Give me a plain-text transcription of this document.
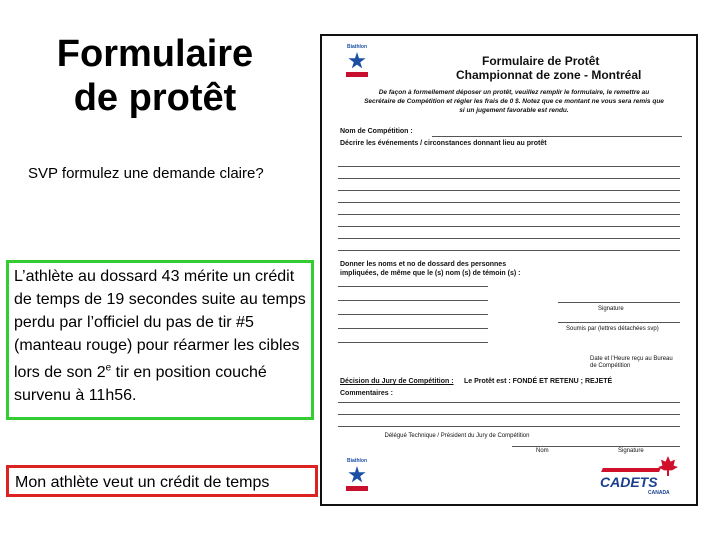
Formulaire
de protêt
SVP formulez une demande claire?
L’athlète au dossard 43 mérite un crédit de temps de 19 secondes suite au temps perdu par l’officiel du pas de tir #5 (manteau rouge) pour réarmer les cibles lors de son 2e tir en position couché survenu à 11h56.
Mon athlète veut un crédit de temps
Biathlon
Formulaire de Protêt
Championnat de zone - Montréal
De façon à formellement déposer un protêt, veuillez remplir le formulaire, le remettre au Secrétaire de Compétition et régler les frais de 0 $. Notez que ce montant ne vous sera remis que si un jugement favorable est rendu.
Nom de Compétition :
Décrire les événements / circonstances donnant lieu au protêt
Donner les noms et no de dossard des personnes impliquées, de même que le (s) nom (s) de témoin (s) :
Signature
Soumis par (lettres détachées svp)
Date et l’Heure reçu au Bureau de Compétition
Décision du Jury de Compétition : Le Protêt est : FONDÉ ET RETENU ; REJETÉ
Commentaires :
Délégué Technique / Président du Jury de Compétition
Nom	Signature
Biathlon
CADETS
CANADA
